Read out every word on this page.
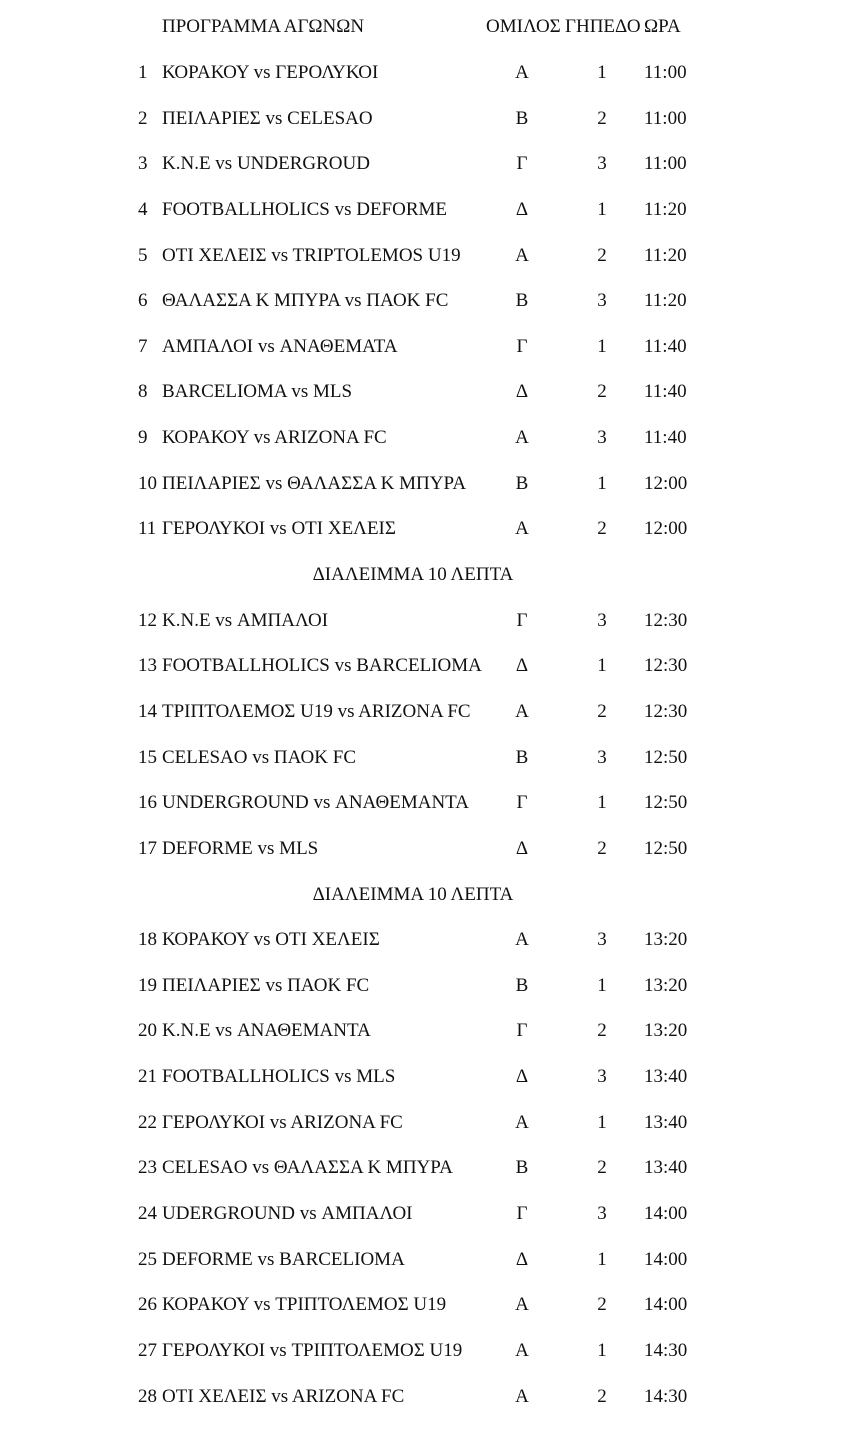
ΠΡΟΓΡΑΜΜΑ ΑΓΩΝΩΝ	ΟΜΙΛΟΣ ΓΗΠΕΔΟ ΩΡΑ
1 ΚΟΡΑΚΟΥ vs ΓΕΡΟΛΥΚΟΙ	Α	1 11:00
2 ΠΕΙΛΑΡΙΕΣ vs CELESAO	Β	2 11:00
3 Κ.Ν.Ε vs UNDERGROUD	Γ	3 11:00
4 FOOTBALLHOLICS vs DEFORME	Δ	1 11:20
5 ΟΤΙ ΧΕΛΕΙΣ vs TRIPTOLEMOS U19	Α	2 11:20
6 ΘΑΛΑΣΣΑ Κ ΜΠΥΡΑ vs ΠΑΟΚ FC	Β	3 11:20
7 ΑΜΠΑΛΟΙ vs ΑΝΑΘΕΜΑΤΑ	Γ	1 11:40
8 BARCELIOMA vs MLS	Δ	2 11:40
9 ΚΟΡΑΚΟΥ vs ARIZONA FC	Α	3 11:40
10 ΠΕΙΛΑΡΙΕΣ vs ΘΑΛΑΣΣΑ Κ ΜΠΥΡΑ	Β	1 12:00
11 ΓΕΡΟΛΥΚΟΙ vs ΟΤΙ ΧΕΛΕΙΣ	Α	2 12:00
ΔΙΑΛΕΙΜΜΑ 10 ΛΕΠΤΑ
12 Κ.Ν.Ε vs ΑΜΠΑΛΟΙ	Γ	3 12:30
13 FOOTBALLHOLICS vs BARCELIOMA	Δ	1 12:30
14 ΤΡΙΠΤΟΛΕΜΟΣ U19 vs ARIZONA FC	Α	2 12:30
15 CELESAO vs ΠΑΟΚ FC	Β	3 12:50
16 UNDERGROUND vs ΑΝΑΘΕΜΑΝΤΑ	Γ	1 12:50
17 DEFORME vs MLS	Δ	2 12:50
ΔΙΑΛΕΙΜΜΑ 10 ΛΕΠΤΑ
18 ΚΟΡΑΚΟΥ vs ΟΤΙ ΧΕΛΕΙΣ	Α	3 13:20
19 ΠΕΙΛΑΡΙΕΣ vs ΠΑΟΚ FC	Β	1 13:20
20 Κ.Ν.Ε vs ΑΝΑΘΕΜΑΝΤΑ	Γ	2 13:20
21 FOOTBALLHOLICS vs MLS	Δ	3 13:40
22 ΓΕΡΟΛΥΚΟΙ vs ARIZONA FC	Α	1 13:40
23 CELESAO vs ΘΑΛΑΣΣΑ Κ ΜΠΥΡΑ	Β	2 13:40
24 UDERGROUND vs ΑΜΠΑΛΟΙ	Γ	3 14:00
25 DEFORME vs BARCELIOMA	Δ	1 14:00
26 ΚΟΡΑΚΟΥ vs ΤΡΙΠΤΟΛΕΜΟΣ U19	Α	2 14:00
27 ΓΕΡΟΛΥΚΟΙ vs ΤΡΙΠΤΟΛΕΜΟΣ U19	Α	1 14:30
28 ΟΤΙ ΧΕΛΕΙΣ vs ARIZONA FC	Α	2 14:30
